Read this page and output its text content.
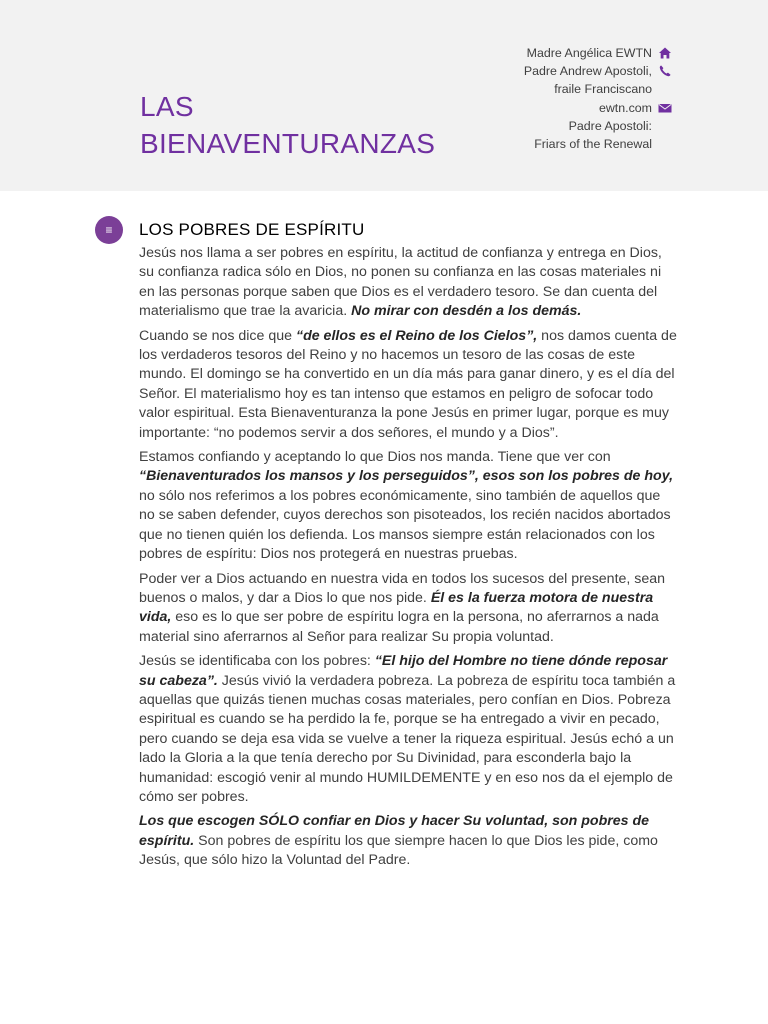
LAS
BIENAVENTURANZAS
Madre Angélica EWTN
Padre Andrew Apostoli,
fraile Franciscano
ewtn.com
Padre Apostoli:
Friars of the Renewal
≡	LOS POBRES DE ESPÍRITU

Jesús nos llama a ser pobres en espíritu, la actitud de confianza y entrega en Dios, su confianza radica sólo en Dios, no ponen su confianza en las cosas materiales ni en las personas porque saben que Dios es el verdadero tesoro. Se dan cuenta del materialismo que trae la avaricia. No mirar con desdén a los demás.

Cuando se nos dice que “de ellos es el Reino de los Cielos”, nos damos cuenta de los verdaderos tesoros del Reino y no hacemos un tesoro de las cosas de este mundo. El domingo se ha convertido en un día más para ganar dinero, y es el día del Señor. El materialismo hoy es tan intenso que estamos en peligro de sofocar todo valor espiritual. Esta Bienaventuranza la pone Jesús en primer lugar, porque es muy importante: “no podemos servir a dos señores, el mundo y a Dios”.

Estamos confiando y aceptando lo que Dios nos manda. Tiene que ver con “Bienaventurados los mansos y los perseguidos”, esos son los pobres de hoy, no sólo nos referimos a los pobres económicamente, sino también de aquellos que no se saben defender, cuyos derechos son pisoteados, los recién nacidos abortados que no tienen quién los defienda. Los mansos siempre están relacionados con los pobres de espíritu: Dios nos protegerá en nuestras pruebas.

Poder ver a Dios actuando en nuestra vida en todos los sucesos del presente, sean buenos o malos, y dar a Dios lo que nos pide. Él es la fuerza motora de nuestra vida, eso es lo que ser pobre de espíritu logra en la persona, no aferrarnos a nada material sino aferrarnos al Señor para realizar Su propia voluntad.

Jesús se identificaba con los pobres: “El hijo del Hombre no tiene dónde reposar su cabeza”. Jesús vivió la verdadera pobreza. La pobreza de espíritu toca también a aquellas que quizás tienen muchas cosas materiales, pero confían en Dios. Pobreza espiritual es cuando se ha perdido la fe, porque se ha entregado a vivir en pecado, pero cuando se deja esa vida se vuelve a tener la riqueza espiritual. Jesús echó a un lado la Gloria a la que tenía derecho por Su Divinidad, para esconderla bajo la humanidad: escogió venir al mundo HUMILDEMENTE y en eso nos da el ejemplo de cómo ser pobres.

Los que escogen SÓLO confiar en Dios y hacer Su voluntad, son pobres de espíritu. Son pobres de espíritu los que siempre hacen lo que Dios les pide, como Jesús, que sólo hizo la Voluntad del Padre.
